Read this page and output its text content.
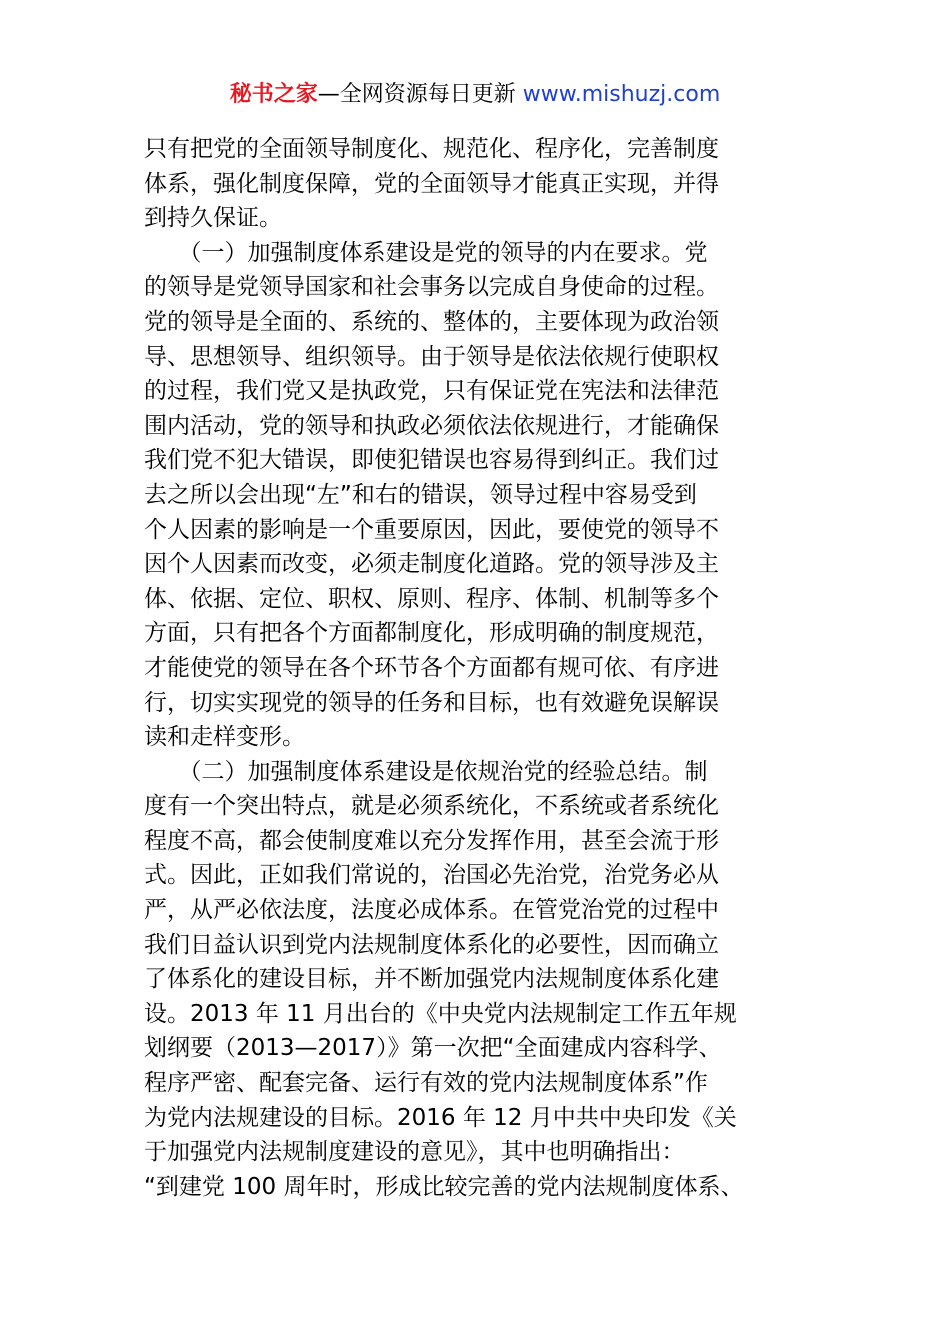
秘书之家—全网资源每日更新 www.mishuzj.com
只有把党的全面领导制度化、规范化、程序化，完善制度
体系，强化制度保障，党的全面领导才能真正实现，并得
到持久保证。
　　（一）加强制度体系建设是党的领导的内在要求。党
的领导是党领导国家和社会事务以完成自身使命的过程。
党的领导是全面的、系统的、整体的，主要体现为政治领
导、思想领导、组织领导。由于领导是依法依规行使职权
的过程，我们党又是执政党，只有保证党在宪法和法律范
围内活动，党的领导和执政必须依法依规进行，才能确保
我们党不犯大错误，即使犯错误也容易得到纠正。我们过
去之所以会出现“左”和右的错误，领导过程中容易受到
个人因素的影响是一个重要原因，因此，要使党的领导不
因个人因素而改变，必须走制度化道路。党的领导涉及主
体、依据、定位、职权、原则、程序、体制、机制等多个
方面，只有把各个方面都制度化，形成明确的制度规范，
才能使党的领导在各个环节各个方面都有规可依、有序进
行，切实实现党的领导的任务和目标，也有效避免误解误
读和走样变形。
　　（二）加强制度体系建设是依规治党的经验总结。制
度有一个突出特点，就是必须系统化，不系统或者系统化
程度不高，都会使制度难以充分发挥作用，甚至会流于形
式。因此，正如我们常说的，治国必先治党，治党务必从
严，从严必依法度，法度必成体系。在管党治党的过程中
我们日益认识到党内法规制度体系化的必要性，因而确立
了体系化的建设目标，并不断加强党内法规制度体系化建
设。2013 年 11 月出台的《中央党内法规制定工作五年规
划纲要（2013—2017）》第一次把“全面建成内容科学、
程序严密、配套完备、运行有效的党内法规制度体系”作
为党内法规建设的目标。2016 年 12 月中共中央印发《关
于加强党内法规制度建设的意见》，其中也明确指出：
“到建党 100 周年时，形成比较完善的党内法规制度体系、
